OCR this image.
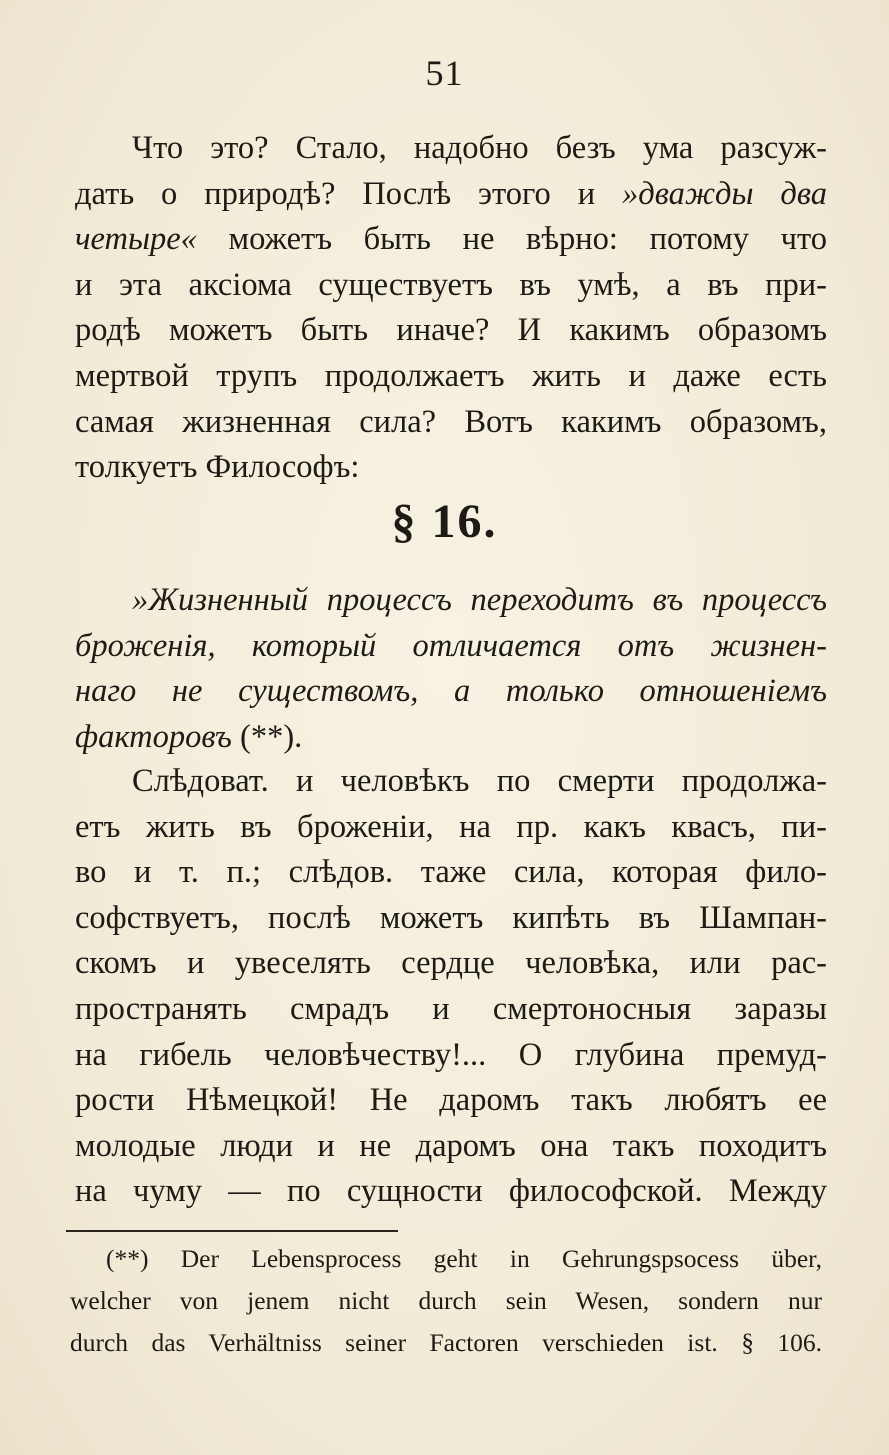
51
Что это? Стало, надобно безъ ума разсуж-
дать о природѣ? Послѣ этого и »дважды два
четыре« можетъ быть не вѣрно: потому что
и эта аксіома существуетъ въ умѣ, а въ при-
родѣ можетъ быть иначе? И какимъ образомъ
мертвой трупъ продолжаетъ жить и даже есть
самая жизненная сила? Вотъ какимъ образомъ,
толкуетъ Философъ:
§ 16.
»Жизненный процессъ переходитъ въ процессъ
броженія, который отличается отъ жизнен-
наго не существомъ, а только отношеніемъ
факторовъ (**).
Слѣдоват. и человѣкъ по смерти продолжа-
етъ жить въ броженіи, на пр. какъ квасъ, пи-
во и т. п.; слѣдов. таже сила, которая фило-
софствуетъ, послѣ можетъ кипѣть въ Шампан-
скомъ и увеселять сердце человѣка, или рас-
пространять смрадъ и смертоносныя заразы
на гибель человѣчеству!... О глубина премуд-
рости Нѣмецкой! Не даромъ такъ любятъ ее
молодые люди и не даромъ она такъ походитъ
на чуму — по сущности философской. Между
(**) Der Lebensprocess geht in Gehrungspsocess über,
welcher von jenem nicht durch sein Wesen, sondern nur
durch das Verhältniss seiner Factoren verschieden ist. § 106.
